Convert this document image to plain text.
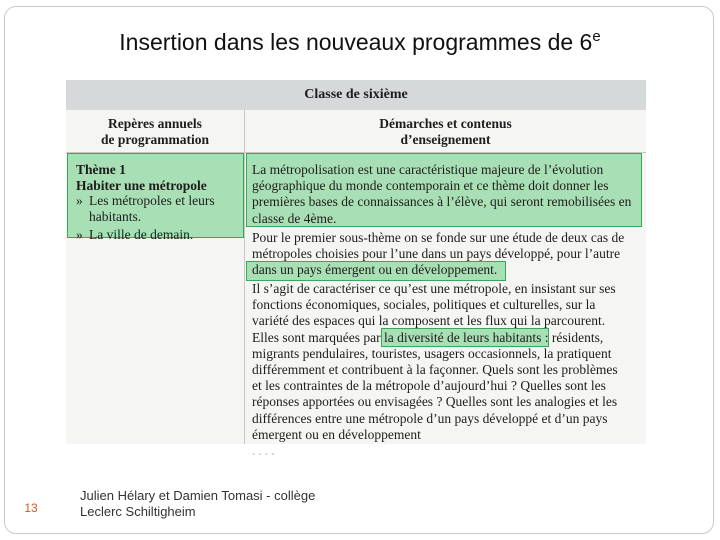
Insertion dans les nouveaux programmes de 6e
Classe de sixième
Repères annuels
de programmation
Démarches et contenus
d’enseignement
Thème 1
Habiter une métropole
» Les métropoles et leurs
habitants.
» La ville de demain.
La métropolisation est une caractéristique majeure de l’évolution
géographique du monde contemporain et ce thème doit donner les
premières bases de connaissances à l’élève, qui seront remobilisées en
classe de 4ème.
Pour le premier sous-thème on se fonde sur une étude de deux cas de
métropoles choisies pour l’une dans un pays développé, pour l’autre
dans un pays émergent ou en développement.
Il s’agit de caractériser ce qu’est une métropole, en insistant sur ses
fonctions économiques, sociales, politiques et culturelles, sur la
variété des espaces qui la composent et les flux qui la parcourent.
Elles sont marquées par la diversité de leurs habitants : résidents,
migrants pendulaires, touristes, usagers occasionnels, la pratiquent
différemment et contribuent à la façonner. Quels sont les problèmes
et les contraintes de la métropole d’aujourd’hui ? Quelles sont les
réponses apportées ou envisagées ? Quelles sont les analogies et les
différences entre une métropole d’un pays développé et d’un pays
émergent ou en développement
....
13
Julien Hélary et Damien Tomasi - collège
Leclerc Schiltigheim
